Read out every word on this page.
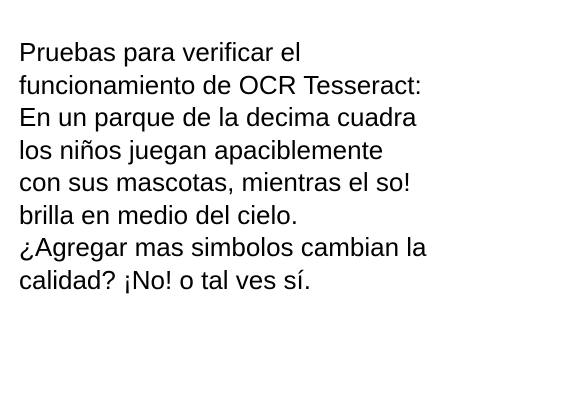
Pruebas para verificar el
funcionamiento de OCR Tesseract:
En un parque de la decima cuadra
los niños juegan apaciblemente
con sus mascotas, mientras el so!
brilla en medio del cielo.
¿Agregar mas simbolos cambian la
calidad? ¡No! o tal ves sí.
